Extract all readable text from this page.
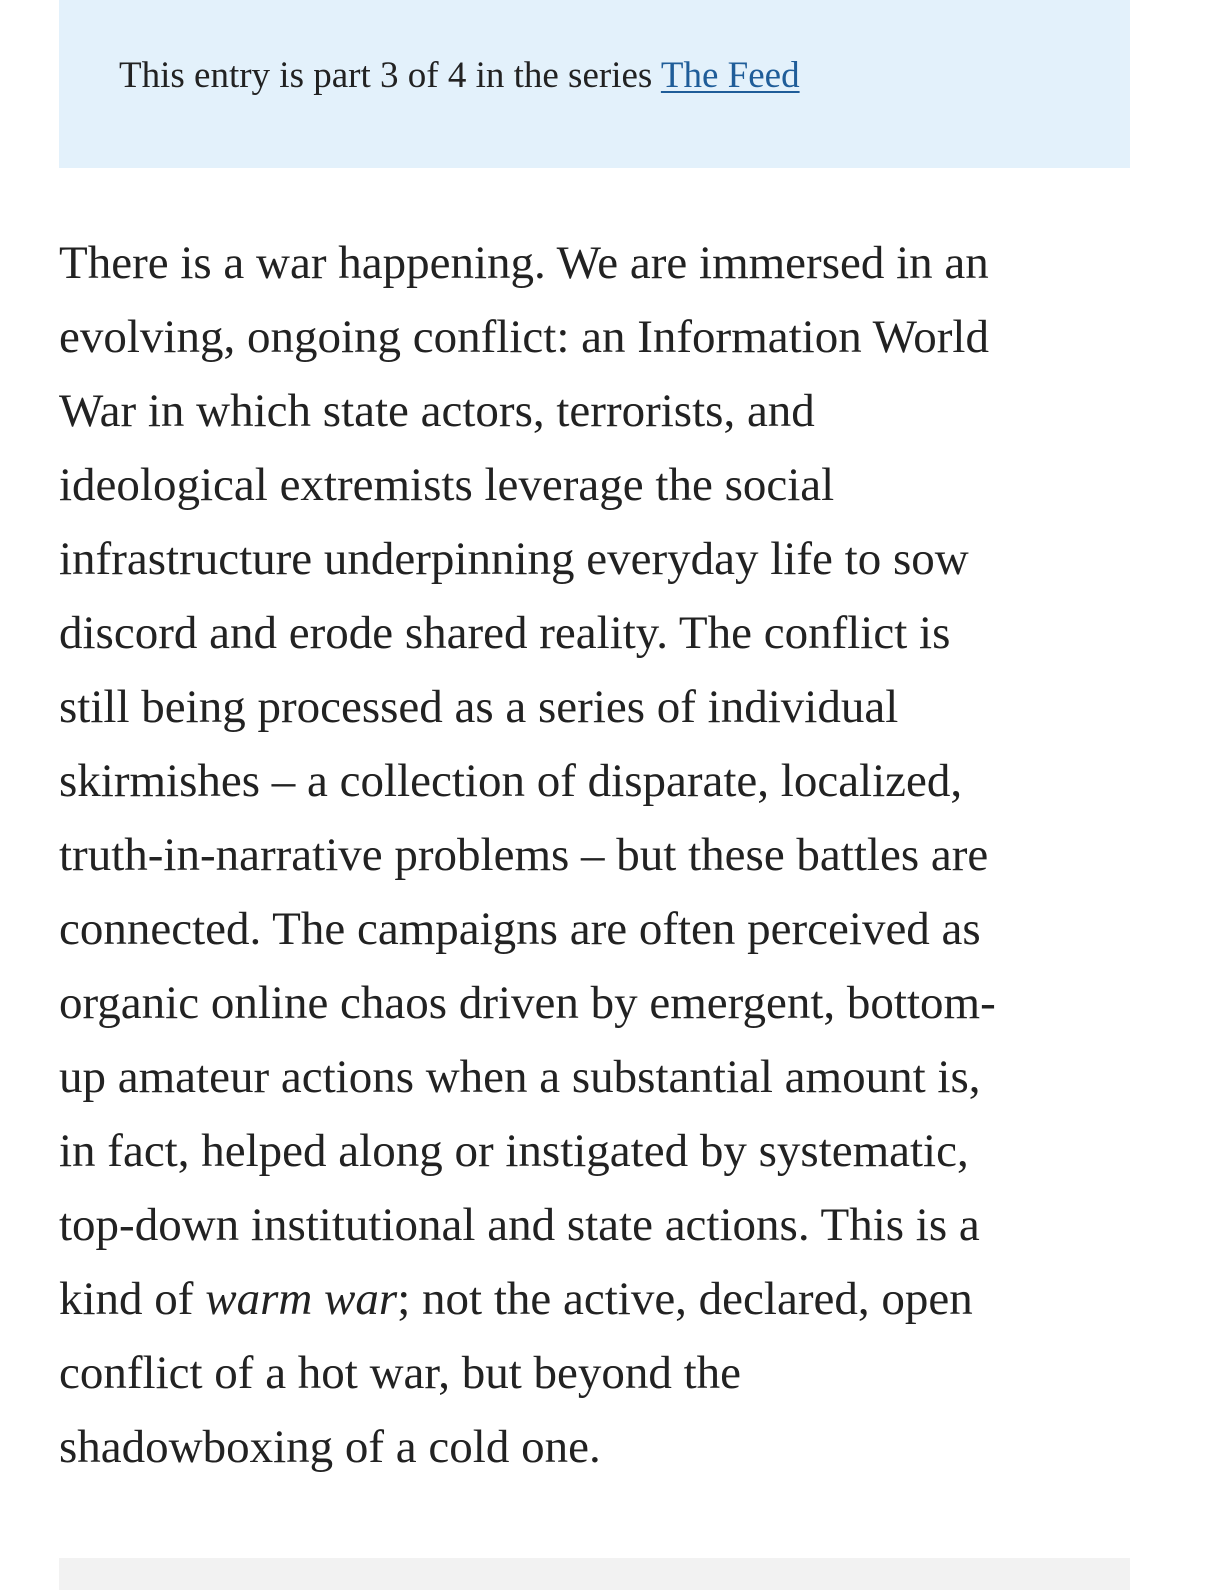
This entry is part 3 of 4 in the series The Feed

There is a war happening. We are immersed in an
evolving, ongoing conflict: an Information World
War in which state actors, terrorists, and
ideological extremists leverage the social
infrastructure underpinning everyday life to sow
discord and erode shared reality. The conflict is
still being processed as a series of individual
skirmishes – a collection of disparate, localized,
truth-in-narrative problems – but these battles are
connected. The campaigns are often perceived as
organic online chaos driven by emergent, bottom-
up amateur actions when a substantial amount is,
in fact, helped along or instigated by systematic,
top-down institutional and state actions. This is a
kind of warm war; not the active, declared, open
conflict of a hot war, but beyond the
shadowboxing of a cold one.
